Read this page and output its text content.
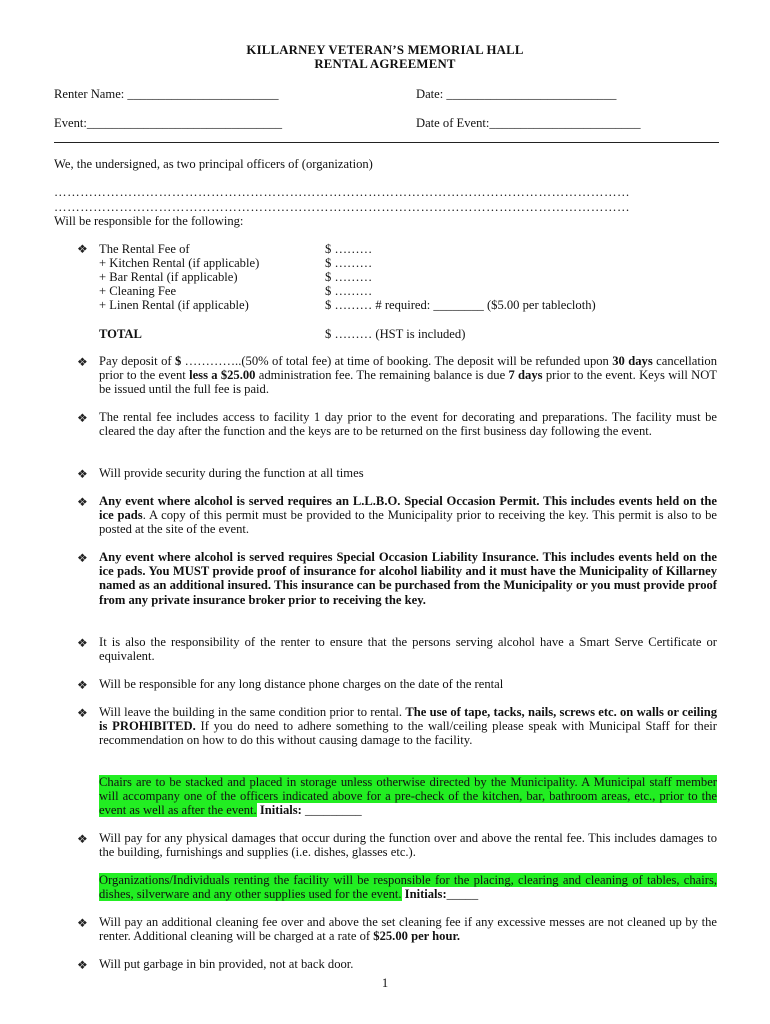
KILLARNEY VETERAN’S MEMORIAL HALL
RENTAL AGREEMENT
Renter Name: ________________________	Date: ___________________________
Event:_______________________________	Date of Event:________________________
We, the undersigned, as two principal officers of (organization)
……………………………………………………………………………………………………………………
……………………………………………………………………………………………………………………
Will be responsible for the following:
❖ The Rental Fee of	$ ………
+ Kitchen Rental (if applicable)	$ ………
+ Bar Rental (if applicable)	$ ………
+ Cleaning Fee	$ ………
+ Linen Rental (if applicable)	$ ……… # required: ________ ($5.00 per tablecloth)
TOTAL	$ ……… (HST is included)
❖ Pay deposit of $ …………..(50% of total fee) at time of booking. The deposit will be refunded upon 30 days cancellation prior to the event less a $25.00 administration fee. The remaining balance is due 7 days prior to the event. Keys will NOT be issued until the full fee is paid.
❖ The rental fee includes access to facility 1 day prior to the event for decorating and preparations. The facility must be cleared the day after the function and the keys are to be returned on the first business day following the event.
❖ Will provide security during the function at all times
❖ Any event where alcohol is served requires an L.L.B.O. Special Occasion Permit. This includes events held on the ice pads. A copy of this permit must be provided to the Municipality prior to receiving the key. This permit is also to be posted at the site of the event.
❖ Any event where alcohol is served requires Special Occasion Liability Insurance. This includes events held on the ice pads. You MUST provide proof of insurance for alcohol liability and it must have the Municipality of Killarney named as an additional insured. This insurance can be purchased from the Municipality or you must provide proof from any private insurance broker prior to receiving the key.
❖ It is also the responsibility of the renter to ensure that the persons serving alcohol have a Smart Serve Certificate or equivalent.
❖ Will be responsible for any long distance phone charges on the date of the rental
❖ Will leave the building in the same condition prior to rental. The use of tape, tacks, nails, screws etc. on walls or ceiling is PROHIBITED. If you do need to adhere something to the wall/ceiling please speak with Municipal Staff for their recommendation on how to do this without causing damage to the facility.
Chairs are to be stacked and placed in storage unless otherwise directed by the Municipality. A Municipal staff member will accompany one of the officers indicated above for a pre-check of the kitchen, bar, bathroom areas, etc., prior to the event as well as after the event. Initials: _________
❖ Will pay for any physical damages that occur during the function over and above the rental fee. This includes damages to the building, furnishings and supplies (i.e. dishes, glasses etc.).
Organizations/Individuals renting the facility will be responsible for the placing, clearing and cleaning of tables, chairs, dishes, silverware and any other supplies used for the event. Initials:_____
❖ Will pay an additional cleaning fee over and above the set cleaning fee if any excessive messes are not cleaned up by the renter. Additional cleaning will be charged at a rate of $25.00 per hour.
❖ Will put garbage in bin provided, not at back door.
1
